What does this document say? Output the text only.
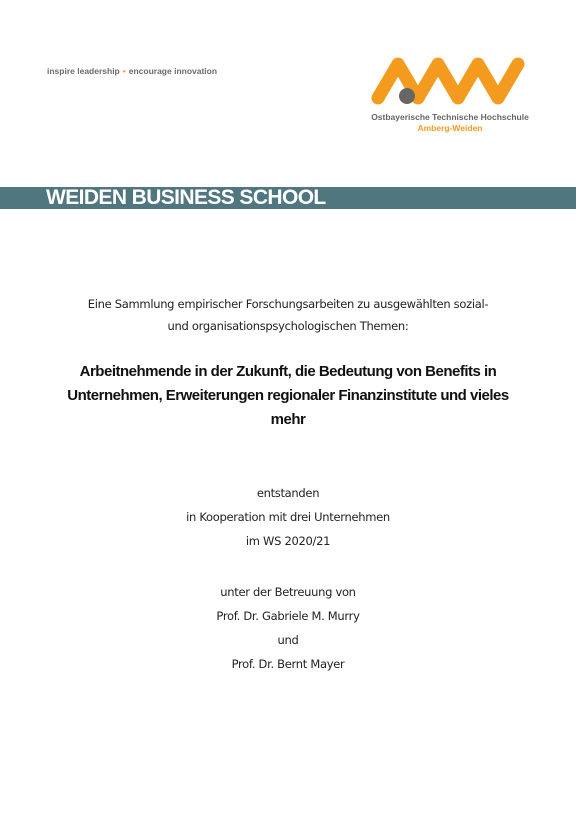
inspire leadership • encourage innovation
Ostbayerische Technische Hochschule
Amberg-Weiden
WEIDEN BUSINESS SCHOOL
Eine Sammlung empirischer Forschungsarbeiten zu ausgewählten sozial-
und organisationspsychologischen Themen:
Arbeitnehmende in der Zukunft, die Bedeutung von Benefits in
Unternehmen, Erweiterungen regionaler Finanzinstitute und vieles
mehr
entstanden
in Kooperation mit drei Unternehmen
im WS 2020/21
unter der Betreuung von
Prof. Dr. Gabriele M. Murry
und
Prof. Dr. Bernt Mayer
